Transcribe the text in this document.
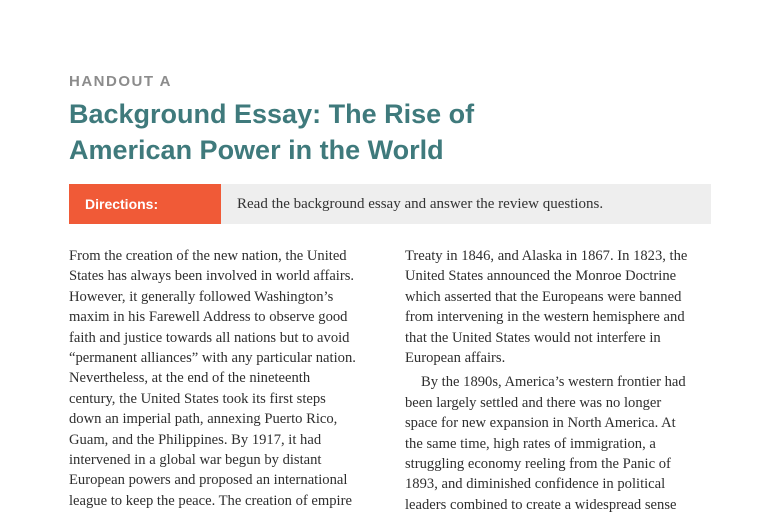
HANDOUT A
Background Essay: The Rise of
American Power in the World
Directions:	Read the background essay and answer the review questions.
From the creation of the new nation, the United
States has always been involved in world affairs.
However, it generally followed Washington’s
maxim in his Farewell Address to observe good
faith and justice towards all nations but to avoid
“permanent alliances” with any particular nation.
Nevertheless, at the end of the nineteenth
century, the United States took its first steps
down an imperial path, annexing Puerto Rico,
Guam, and the Philippines. By 1917, it had
intervened in a global war begun by distant
European powers and proposed an international
league to keep the peace. The creation of empire
Treaty in 1846, and Alaska in 1867. In 1823, the
United States announced the Monroe Doctrine
which asserted that the Europeans were banned
from intervening in the western hemisphere and
that the United States would not interfere in
European affairs.
By the 1890s, America’s western frontier had
been largely settled and there was no longer
space for new expansion in North America. At
the same time, high rates of immigration, a
struggling economy reeling from the Panic of
1893, and diminished confidence in political
leaders combined to create a widespread sense
